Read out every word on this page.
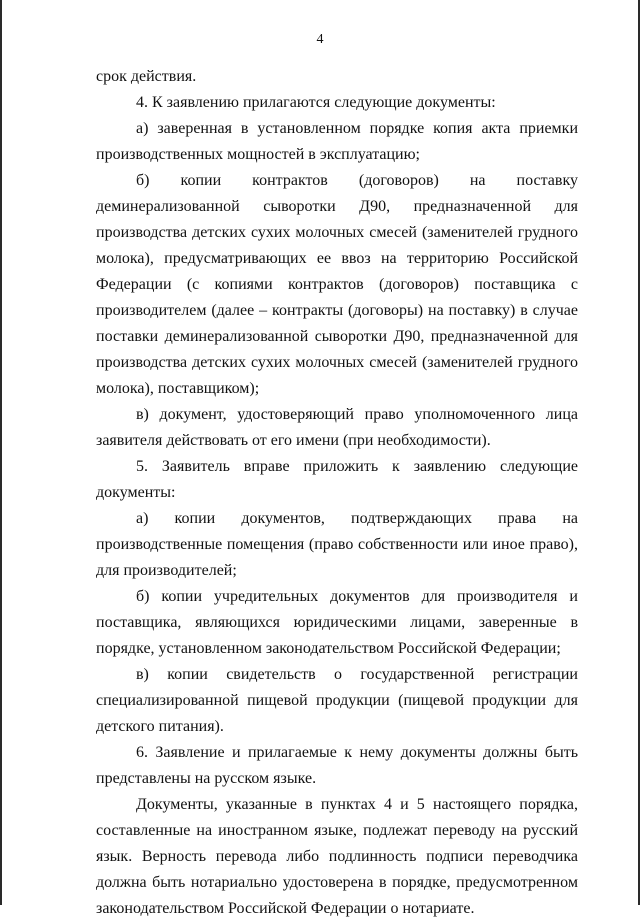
4

срок действия.

4. К заявлению прилагаются следующие документы:

а) заверенная в установленном порядке копия акта приемки производственных мощностей в эксплуатацию;

б) копии контрактов (договоров) на поставку деминерализованной сыворотки Д90, предназначенной для производства детских сухих молочных смесей (заменителей грудного молока), предусматривающих ее ввоз на территорию Российской Федерации (с копиями контрактов (договоров) поставщика с производителем (далее – контракты (договоры) на поставку) в случае поставки деминерализованной сыворотки Д90, предназначенной для производства детских сухих молочных смесей (заменителей грудного молока), поставщиком);

в) документ, удостоверяющий право уполномоченного лица заявителя действовать от его имени (при необходимости).

5. Заявитель вправе приложить к заявлению следующие документы:

а) копии документов, подтверждающих права на производственные помещения (право собственности или иное право), для производителей;

б) копии учредительных документов для производителя и поставщика, являющихся юридическими лицами, заверенные в порядке, установленном законодательством Российской Федерации;

в) копии свидетельств о государственной регистрации специализированной пищевой продукции (пищевой продукции для детского питания).

6. Заявление и прилагаемые к нему документы должны быть представлены на русском языке.

Документы, указанные в пунктах 4 и 5 настоящего порядка, составленные на иностранном языке, подлежат переводу на русский язык. Верность перевода либо подлинность подписи переводчика должна быть нотариально удостоверена в порядке, предусмотренном законодательством Российской Федерации о нотариате.
